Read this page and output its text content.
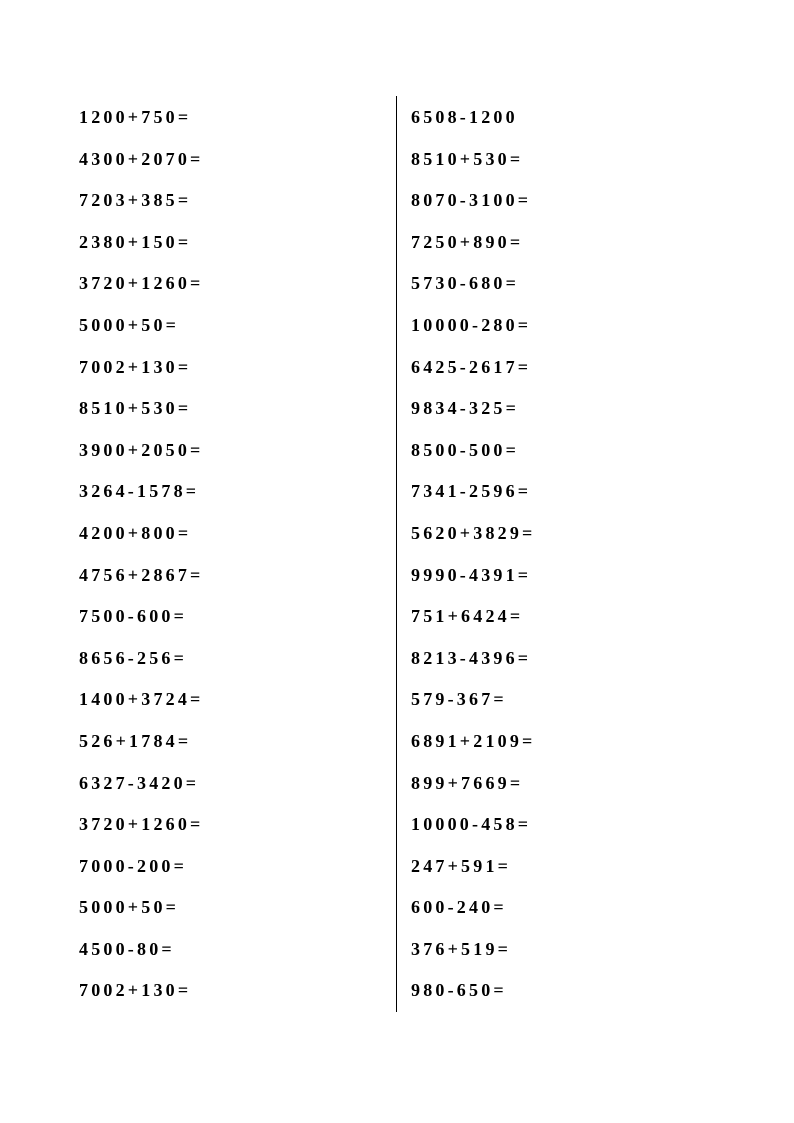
1200+750=
4300+2070=
7203+385=
2380+150=
3720+1260=
5000+50=
7002+130=
8510+530=
3900+2050=
3264-1578=
4200+800=
4756+2867=
7500-600=
8656-256=
1400+3724=
526+1784=
6327-3420=
3720+1260=
7000-200=
5000+50=
4500-80=
7002+130=
6508-1200
8510+530=
8070-3100=
7250+890=
5730-680=
10000-280=
6425-2617=
9834-325=
8500-500=
7341-2596=
5620+3829=
9990-4391=
751+6424=
8213-4396=
579-367=
6891+2109=
899+7669=
10000-458=
247+591=
600-240=
376+519=
980-650=
